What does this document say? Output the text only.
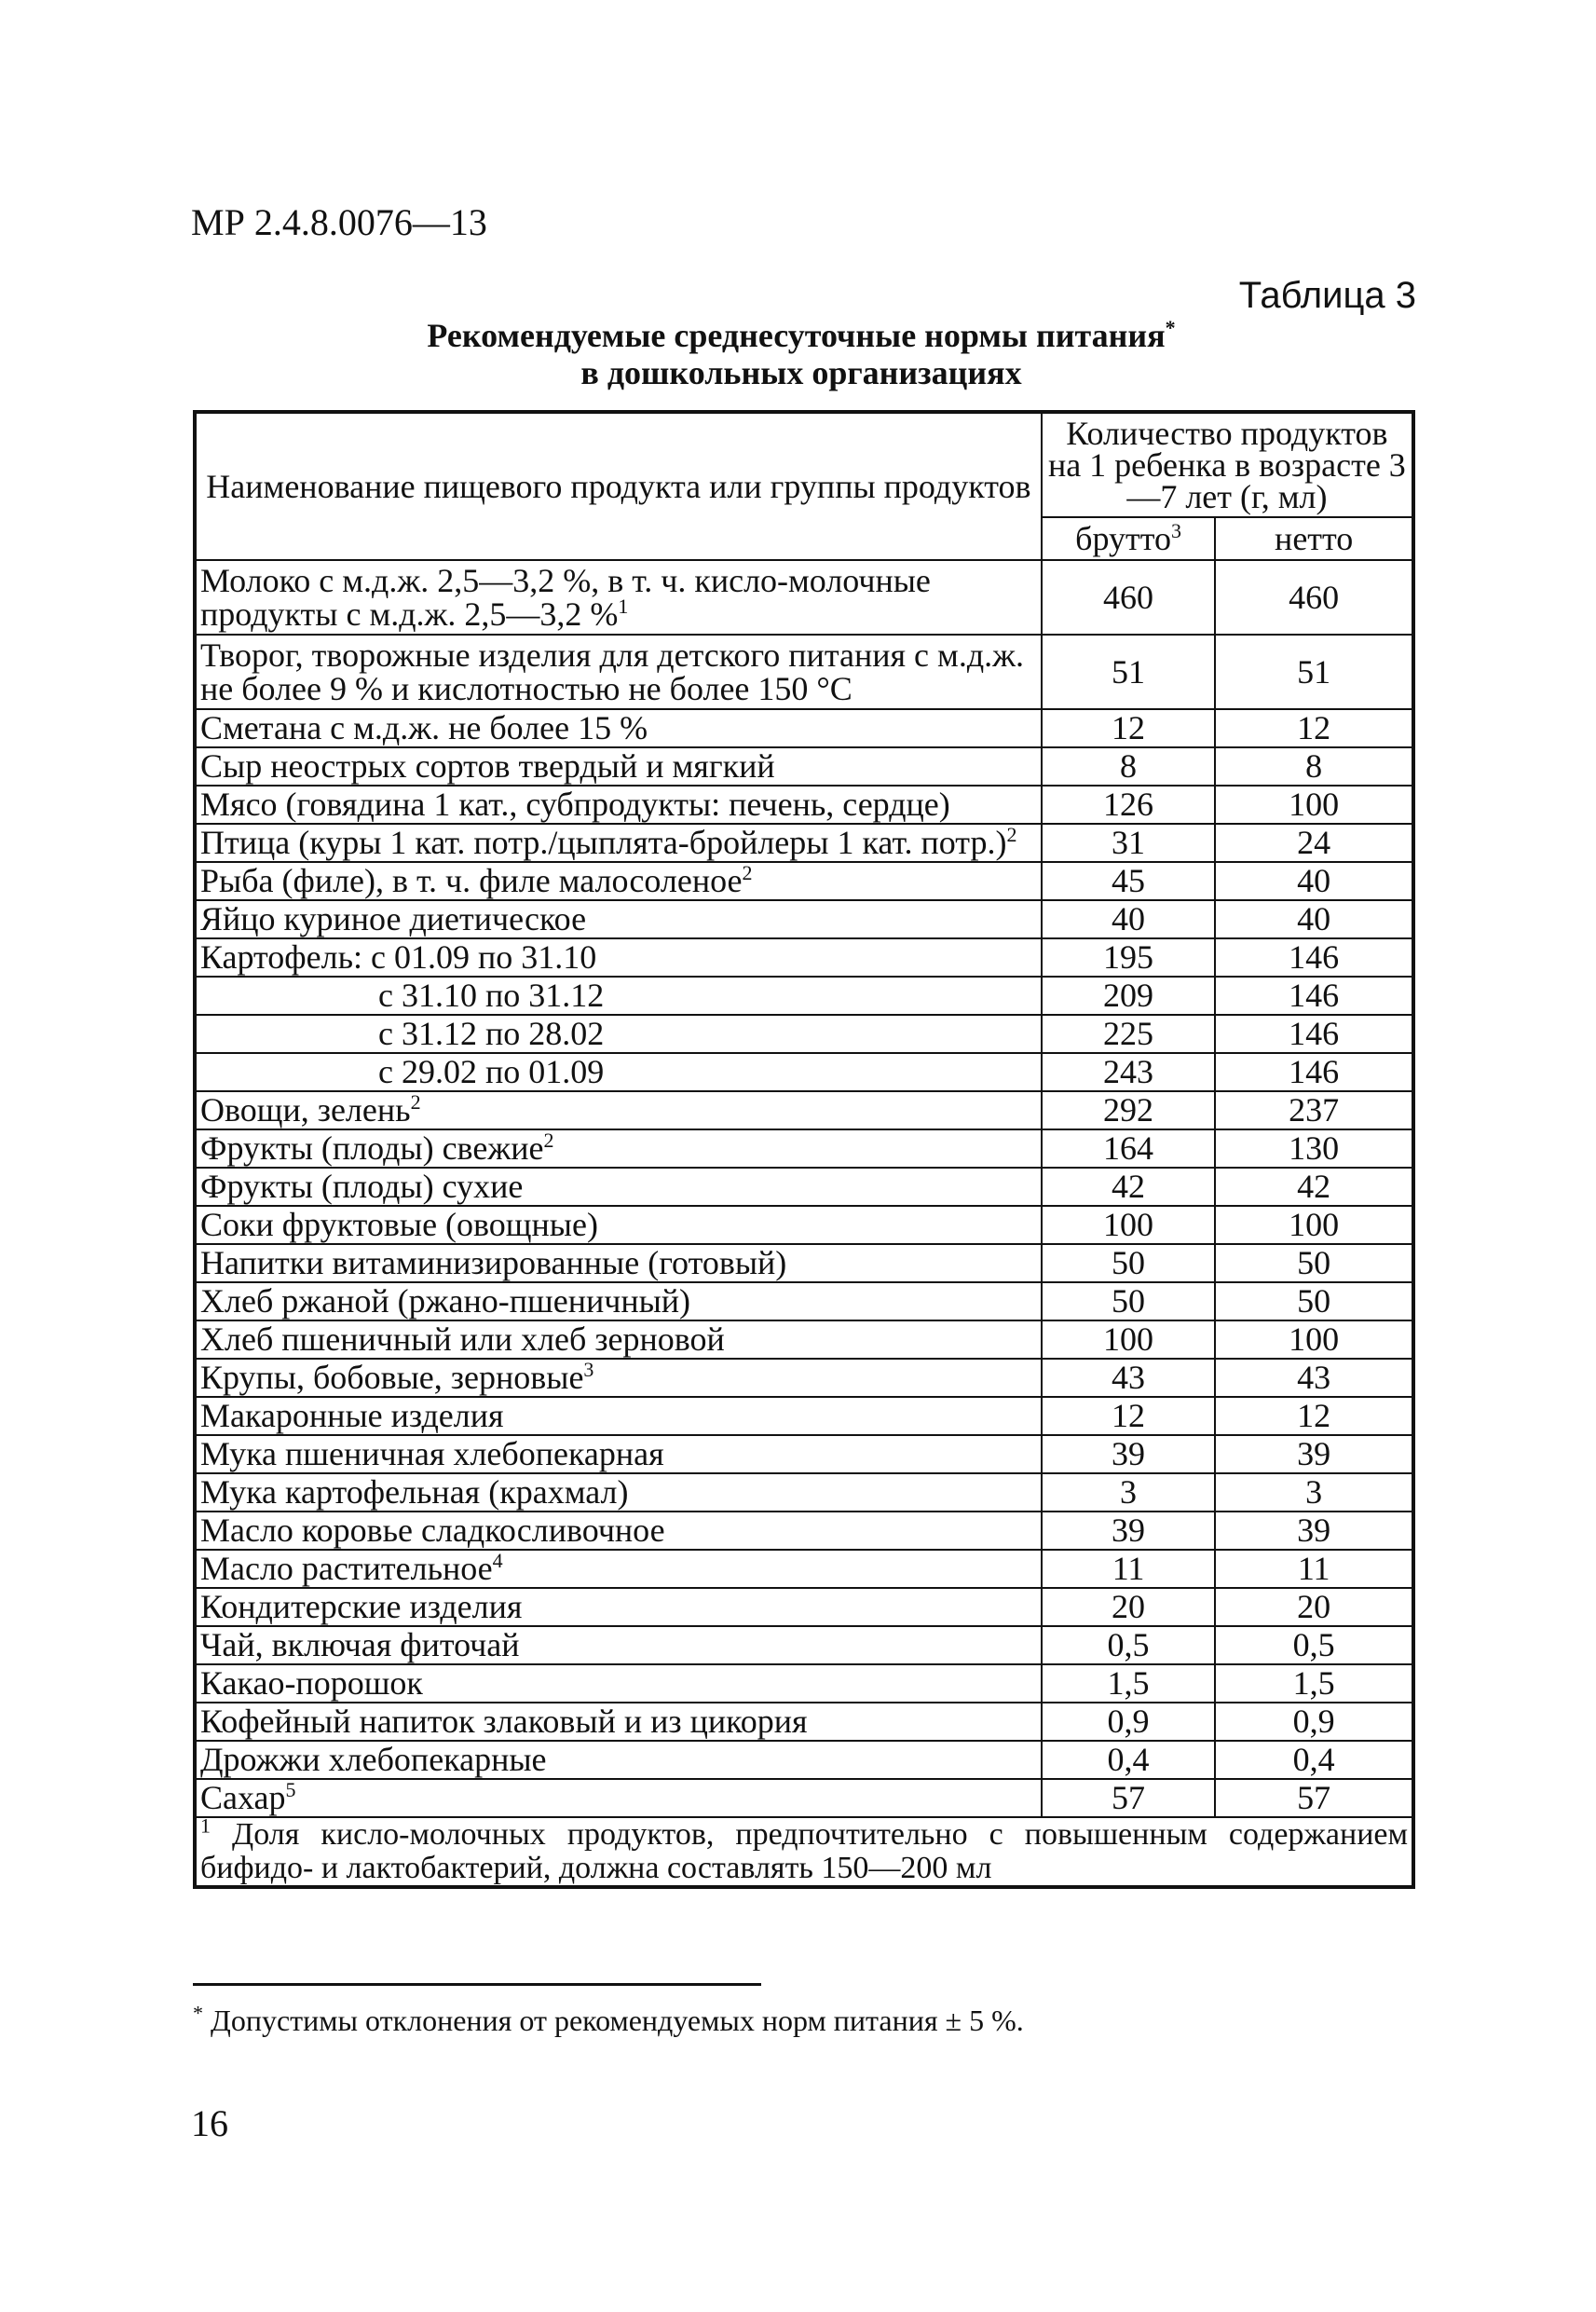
МР 2.4.8.0076—13
Таблица 3
Рекомендуемые среднесуточные нормы питания*
в дошкольных организациях
Наименование пищевого продукта или группы продуктов	Количество продуктов на 1 ребенка в возрасте 3—7 лет (г, мл)	
	брутто$^3$	нетто
Молоко с м.д.ж. 2,5—3,2 %, в т. ч. кисло-молочные продукты с м.д.ж. 2,5—3,2 %$^1$	460	460
Творог, творожные изделия для детского питания с м.д.ж. не более 9 % и кислотностью не более 150 °С	51	51
Сметана с м.д.ж. не более 15 %	12	12
Сыр неострых сортов твердый и мягкий	8	8
Мясо (говядина 1 кат., субпродукты: печень, сердце)	126	100
Птица (куры 1 кат. потр./цыплята-бройлеры 1 кат. потр.)$^2$	31	24
Рыба (филе), в т. ч. филе малосоленое$^2$	45	40
Яйцо куриное диетическое	40	40
Картофель: с 01.09 по 31.10	195	146
с 31.10 по 31.12	209	146
с 31.12 по 28.02	225	146
с 29.02 по 01.09	243	146
Овощи, зелень$^2$	292	237
Фрукты (плоды) свежие$^2$	164	130
Фрукты (плоды) сухие	42	42
Соки фруктовые (овощные)	100	100
Напитки витаминизированные (готовый)	50	50
Хлеб ржаной (ржано-пшеничный)	50	50
Хлеб пшеничный или хлеб зерновой	100	100
Крупы, бобовые, зерновые$^3$	43	43
Макаронные изделия	12	12
Мука пшеничная хлебопекарная	39	39
Мука картофельная (крахмал)	3	3
Масло коровье сладкосливочное	39	39
Масло растительное$^4$	11	11
Кондитерские изделия	20	20
Чай, включая фиточай	0,5	0,5
Какао-порошок	1,5	1,5
Кофейный напиток злаковый и из цикория	0,9	0,9
Дрожжи хлебопекарные	0,4	0,4
Сахар$^5$	57	57
$^1$ Доля кисло-молочных продуктов, предпочтительно с повышенным содержанием бифидо- и лактобактерий, должна составлять 150—200 мл		
* Допустимы отклонения от рекомендуемых норм питания ± 5 %.
16
